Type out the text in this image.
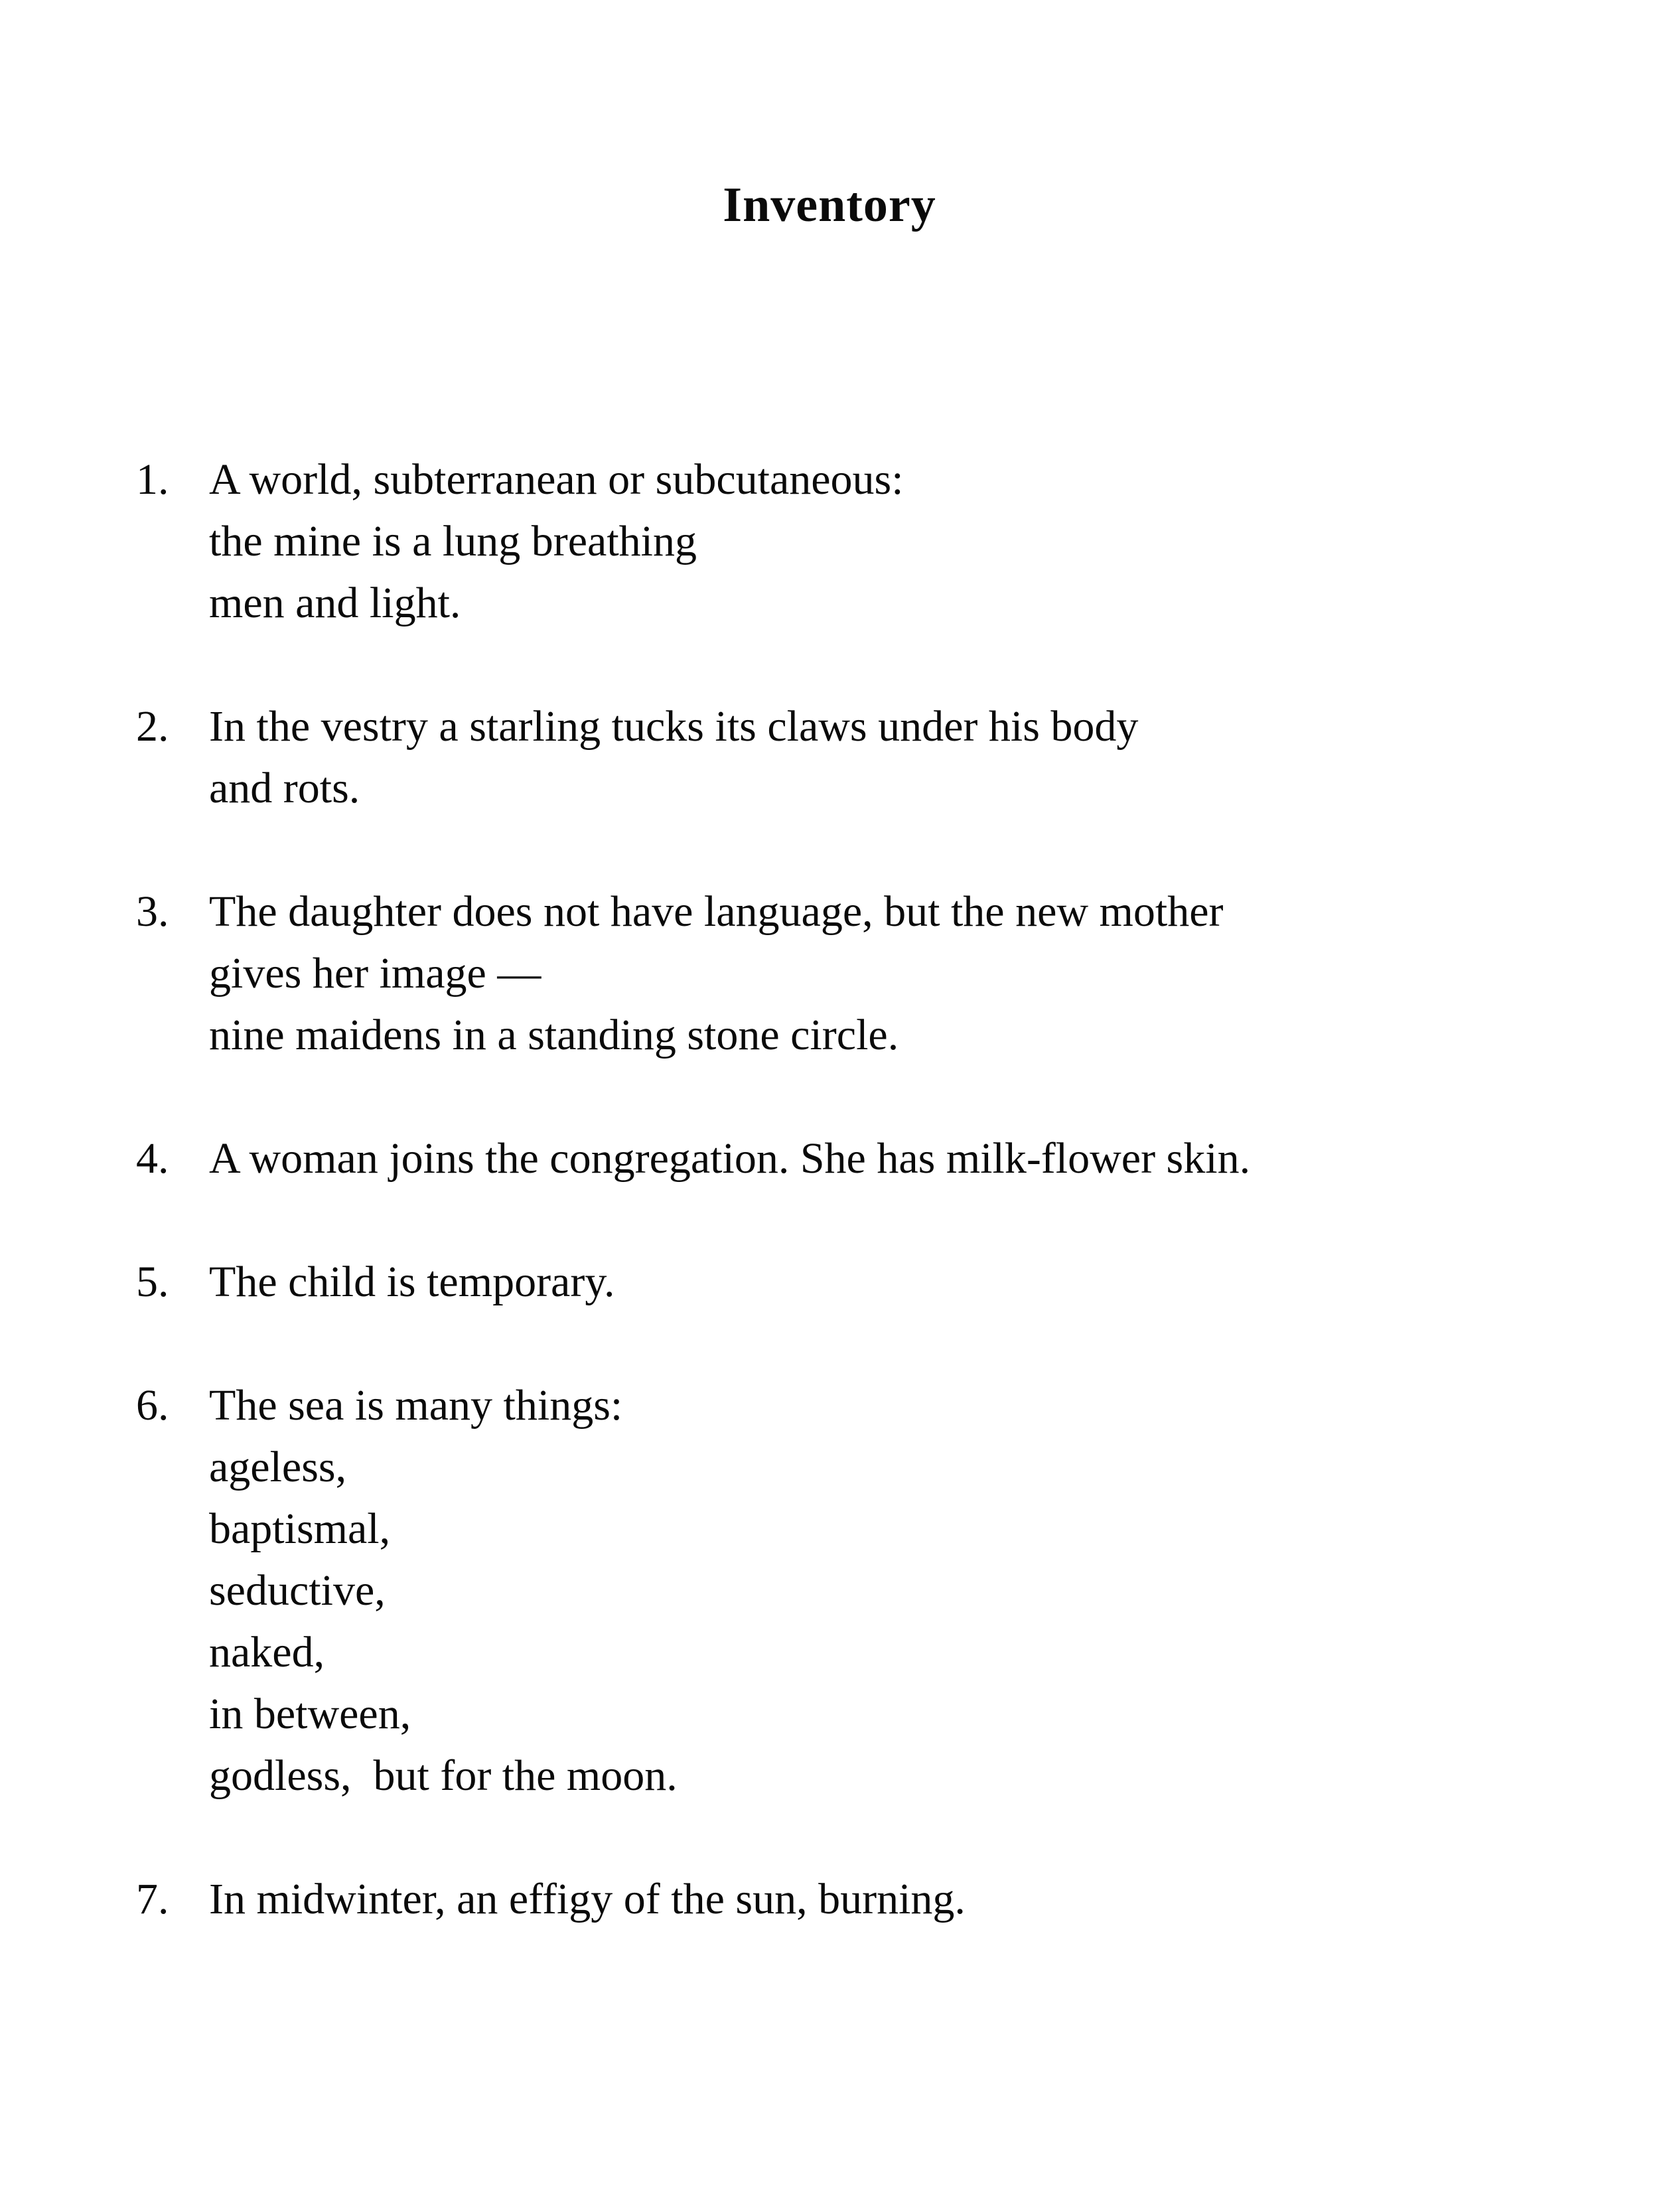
Inventory
1. A world, subterranean or subcutaneous:
the mine is a lung breathing
men and light.
2. In the vestry a starling tucks its claws under his body
and rots.
3. The daughter does not have language, but the new mother
gives her image —
nine maidens in a standing stone circle.
4. A woman joins the congregation. She has milk-flower skin.
5. The child is temporary.
6. The sea is many things:
ageless,
baptismal,
seductive,
naked,
in between,
godless,  but for the moon.
7. In midwinter, an effigy of the sun, burning.
